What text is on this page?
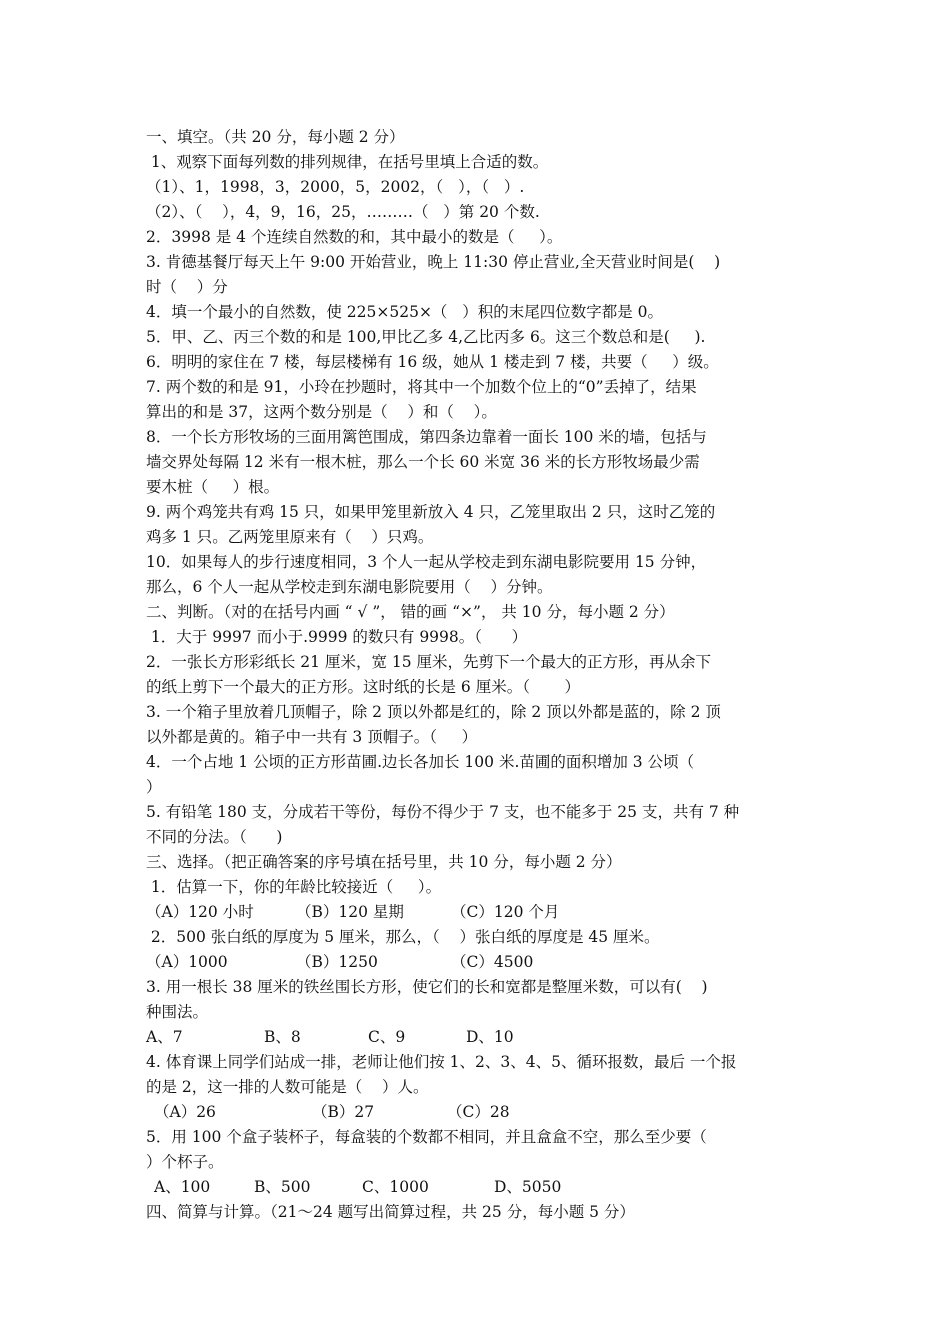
一、填空。（共 20 分，每小题 2 分）
1、观察下面每列数的排列规律，在括号里填上合适的数。
（1）、1，1998，3，2000，5，2002，（   ），（   ）.
（2）、（    ），4，9，16，25，………（   ）第 20 个数.
2．3998 是 4 个连续自然数的和，其中最小的数是（     ）。
3. 肯德基餐厅每天上午 9:00 开始营业，晚上 11:30 停止营业,全天营业时间是(    )
时（    ）分
4．填一个最小的自然数，使 225×525×（   ）积的末尾四位数字都是 0。
5．甲、乙、丙三个数的和是 100,甲比乙多 4,乙比丙多 6。这三个数总和是(     ).
6．明明的家住在 7 楼，每层楼梯有 16 级，她从 1 楼走到 7 楼，共要（     ）级。
7. 两个数的和是 91，小玲在抄题时，将其中一个加数个位上的“0”丢掉了，结果
算出的和是 37，这两个数分别是（    ）和（    ）。
8．一个长方形牧场的三面用篱笆围成，第四条边靠着一面长 100 米的墙，包括与
墙交界处每隔 12 米有一根木桩，那么一个长 60 米宽 36 米的长方形牧场最少需
要木桩（     ）根。
9. 两个鸡笼共有鸡 15 只，如果甲笼里新放入 4 只，乙笼里取出 2 只，这时乙笼的
鸡多 1 只。乙两笼里原来有（    ）只鸡。
10．如果每人的步行速度相同，3 个人一起从学校走到东湖电影院要用 15 分钟，
那么，6 个人一起从学校走到东湖电影院要用（    ）分钟。
二、判断。（对的在括号内画 “ √ ”， 错的画 “×”， 共 10 分，每小题 2 分）
1．大于 9997 而小于.9999 的数只有 9998。（      ）
2．一张长方形彩纸长 21 厘米，宽 15 厘米，先剪下一个最大的正方形，再从余下
的纸上剪下一个最大的正方形。这时纸的长是 6 厘米。（       ）
3. 一个箱子里放着几顶帽子，除 2 顶以外都是红的，除 2 顶以外都是蓝的，除 2 顶
以外都是黄的。箱子中一共有 3 顶帽子。（     ）
4．一个占地 1 公顷的正方形苗圃.边长各加长 100 米.苗圃的面积增加 3 公顷（
）
5. 有铅笔 180 支，分成若干等份，每份不得少于 7 支，也不能多于 25 支，共有 7 种
不同的分法。（      )
三、选择。（把正确答案的序号填在括号里，共 10 分，每小题 2 分）
1．估算一下，你的年龄比较接近（     ）。
（A）120 小时	（B）120 星期	（C）120 个月
2．500 张白纸的厚度为 5 厘米，那么，（    ）张白纸的厚度是 45 厘米。
（A）1000	（B）1250	（C）4500
3. 用一根长 38 厘米的铁丝围长方形，使它们的长和宽都是整厘米数，可以有(    )
种围法。
A、7	B、8	C、9	D、10
4. 体育课上同学们站成一排，老师让他们按 1、2、3、4、5、循环报数，最后 一个报
的是 2，这一排的人数可能是（    ）人。
（A）26	（B）27	（C）28
5．用 100 个盒子装杯子，每盒装的个数都不相同，并且盒盒不空，那么至少要（
）个杯子。
A、100	B、500	C、1000	D、5050
四、简算与计算。（21～24 题写出简算过程，共 25 分，每小题 5 分）
